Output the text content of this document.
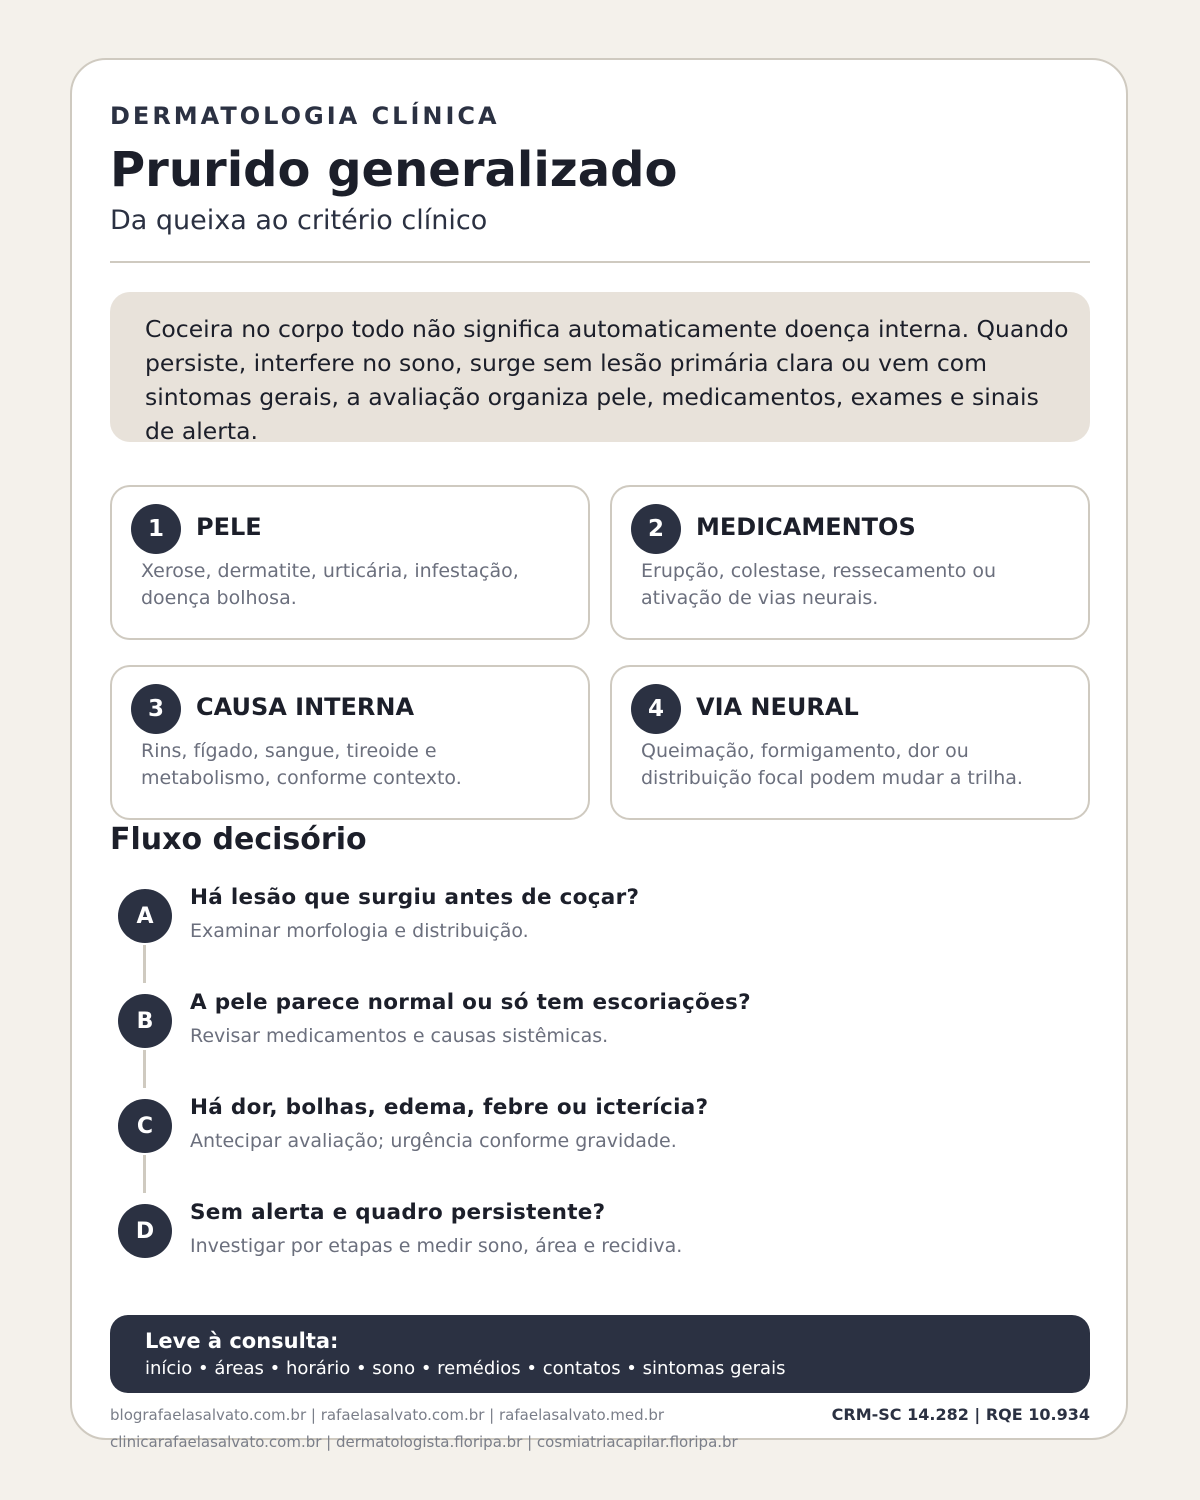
DERMATOLOGIA CLÍNICA
Prurido generalizado
Da queixa ao critério clínico
Coceira no corpo todo não significa automaticamente doença interna. Quando
persiste, interfere no sono, surge sem lesão primária clara ou vem com
sintomas gerais, a avaliação organiza pele, medicamentos, exames e sinais
de alerta.
1	PELE
Xerose, dermatite, urticária, infestação,
doença bolhosa.
2	MEDICAMENTOS
Erupção, colestase, ressecamento ou
ativação de vias neurais.
3	CAUSA INTERNA
Rins, fígado, sangue, tireoide e
metabolismo, conforme contexto.
4	VIA NEURAL
Queimação, formigamento, dor ou
distribuição focal podem mudar a trilha.
Fluxo decisório
A
Há lesão que surgiu antes de coçar?
Examinar morfologia e distribuição.
B
A pele parece normal ou só tem escoriações?
Revisar medicamentos e causas sistêmicas.
C
Há dor, bolhas, edema, febre ou icterícia?
Antecipar avaliação; urgência conforme gravidade.
D
Sem alerta e quadro persistente?
Investigar por etapas e medir sono, área e recidiva.
Leve à consulta:
início • áreas • horário • sono • remédios • contatos • sintomas gerais
blografaelasalvato.com.br | rafaelasalvato.com.br | rafaelasalvato.med.br
clinicarafaelasalvato.com.br | dermatologista.floripa.br | cosmiatriacapilar.floripa.br
CRM-SC 14.282 | RQE 10.934
